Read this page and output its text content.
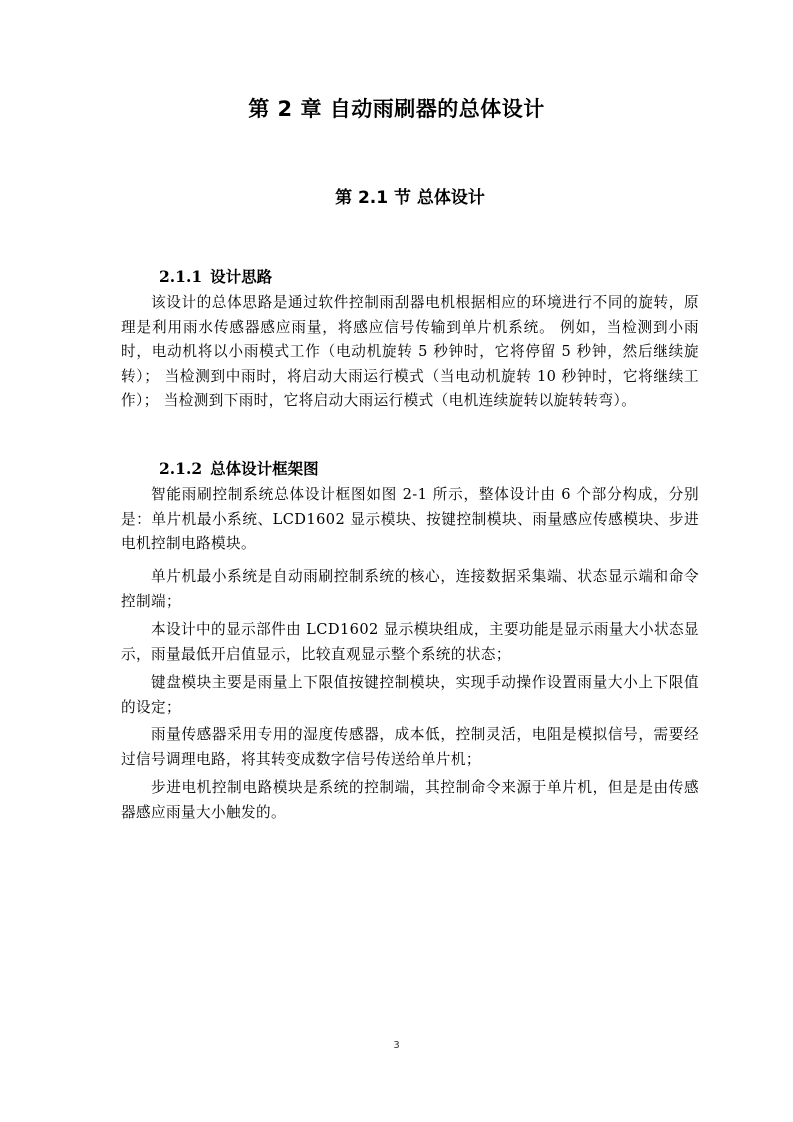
第 2 章 自动雨刷器的总体设计
第 2.1 节 总体设计
2.1.1 设计思路

该设计的总体思路是通过软件控制雨刮器电机根据相应的环境进行不同的旋转，原理是利用雨水传感器感应雨量，将感应信号传输到单片机系统。 例如，当检测到小雨时，电动机将以小雨模式工作（电动机旋转 5 秒钟时，它将停留 5 秒钟，然后继续旋转）； 当检测到中雨时，将启动大雨运行模式（当电动机旋转 10 秒钟时，它将继续工作）； 当检测到下雨时，它将启动大雨运行模式（电机连续旋转以旋转转弯）。

2.1.2 总体设计框架图

智能雨刷控制系统总体设计框图如图 2-1 所示，整体设计由 6 个部分构成，分别是：单片机最小系统、LCD1602 显示模块、按键控制模块、雨量感应传感模块、步进电机控制电路模块。

单片机最小系统是自动雨刷控制系统的核心，连接数据采集端、状态显示端和命令控制端；

本设计中的显示部件由 LCD1602 显示模块组成，主要功能是显示雨量大小状态显示，雨量最低开启值显示，比较直观显示整个系统的状态；

键盘模块主要是雨量上下限值按键控制模块，实现手动操作设置雨量大小上下限值的设定；

雨量传感器采用专用的湿度传感器，成本低，控制灵活，电阻是模拟信号，需要经过信号调理电路，将其转变成数字信号传送给单片机；

步进电机控制电路模块是系统的控制端，其控制命令来源于单片机，但是是由传感器感应雨量大小触发的。

3
